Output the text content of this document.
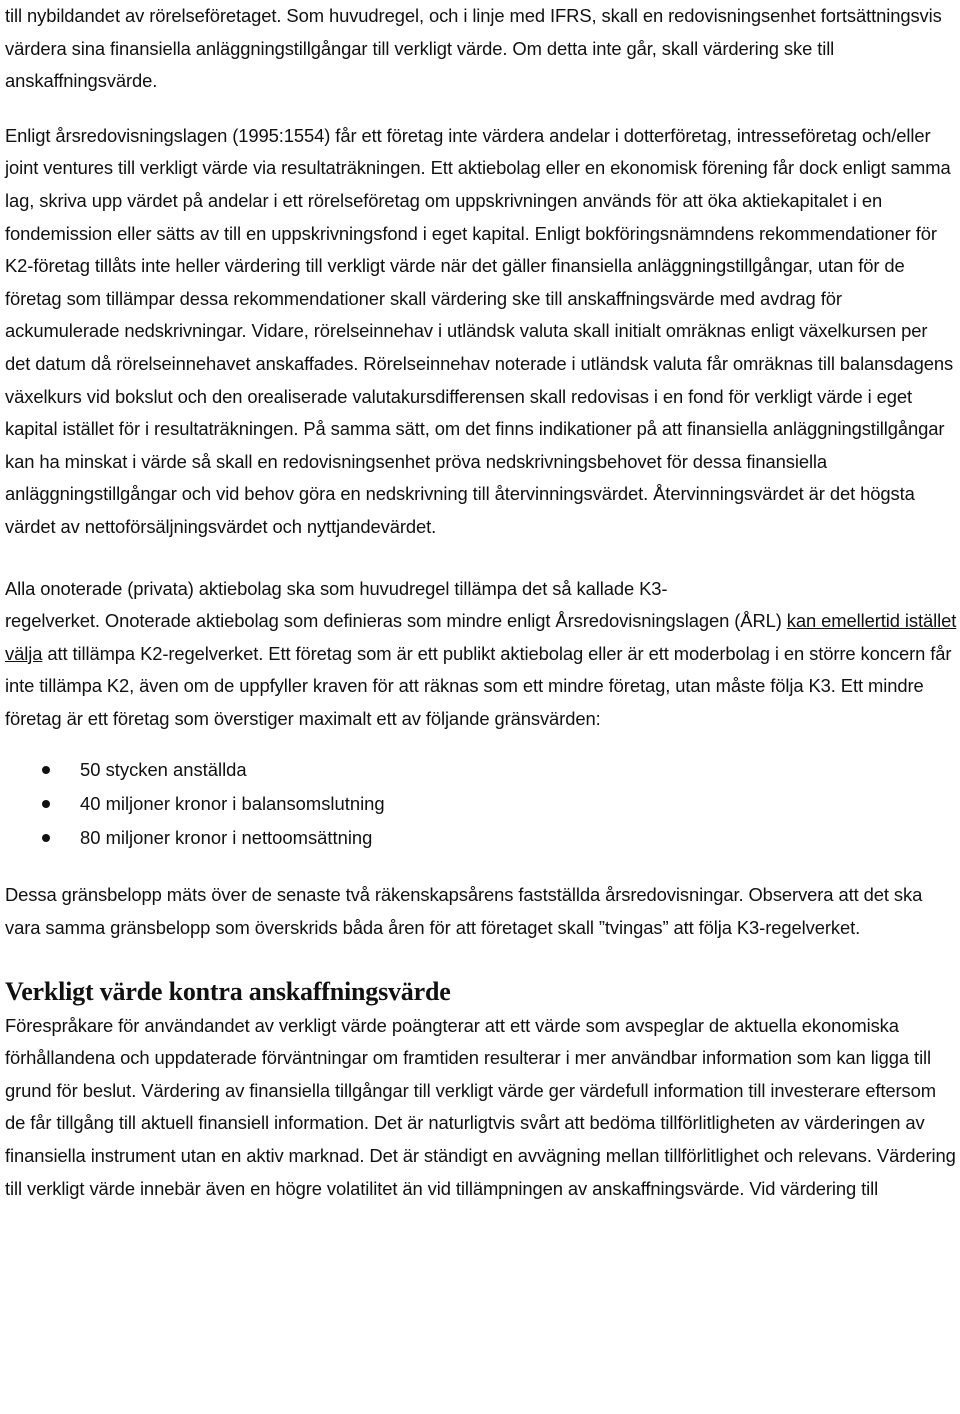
till nybildandet av rörelseföretaget. Som huvudregel, och i linje med IFRS, skall en redovisningsenhet fortsättningsvis värdera sina finansiella anläggningstillgångar till verkligt värde. Om detta inte går, skall värdering ske till anskaffningsvärde.

Enligt årsredovisningslagen (1995:1554) får ett företag inte värdera andelar i dotterföretag, intresseföretag och/eller joint ventures till verkligt värde via resultaträkningen. Ett aktiebolag eller en ekonomisk förening får dock enligt samma lag, skriva upp värdet på andelar i ett rörelseföretag om uppskrivningen används för att öka aktiekapitalet i en fondemission eller sätts av till en uppskrivningsfond i eget kapital. Enligt bokföringsnämndens rekommendationer för K2-företag tillåts inte heller värdering till verkligt värde när det gäller finansiella anläggningstillgångar, utan för de företag som tillämpar dessa rekommendationer skall värdering ske till anskaffningsvärde med avdrag för ackumulerade nedskrivningar. Vidare, rörelseinnehav i utländsk valuta skall initialt omräknas enligt växelkursen per det datum då rörelseinnehavet anskaffades. Rörelseinnehav noterade i utländsk valuta får omräknas till balansdagens växelkurs vid bokslut och den orealiserade valutakursdifferensen skall redovisas i en fond för verkligt värde i eget kapital istället för i resultaträkningen. På samma sätt, om det finns indikationer på att finansiella anläggningstillgångar kan ha minskat i värde så skall en redovisningsenhet pröva nedskrivningsbehovet för dessa finansiella anläggningstillgångar och vid behov göra en nedskrivning till återvinningsvärdet. Återvinningsvärdet är det högsta värdet av nettoförsäljningsvärdet och nyttjandevärdet.

Alla onoterade (privata) aktiebolag ska som huvudregel tillämpa det så kallade K3-
regelverket. Onoterade aktiebolag som definieras som mindre enligt Årsredovisningslagen (ÅRL) kan emellertid istället välja att tillämpa K2-regelverket. Ett företag som är ett publikt aktiebolag eller är ett moderbolag i en större koncern får inte tillämpa K2, även om de uppfyller kraven för att räknas som ett mindre företag, utan måste följa K3. Ett mindre företag är ett företag som överstiger maximalt ett av följande gränsvärden:

50 stycken anställda
40 miljoner kronor i balansomslutning
80 miljoner kronor i nettoomsättning

Dessa gränsbelopp mäts över de senaste två räkenskapsårens fastställda årsredovisningar. Observera att det ska vara samma gränsbelopp som överskrids båda åren för att företaget skall ”tvingas” att följa K3-regelverket.

Verkligt värde kontra anskaffningsvärde

Förespråkare för användandet av verkligt värde poängterar att ett värde som avspeglar de aktuella ekonomiska förhållandena och uppdaterade förväntningar om framtiden resulterar i mer användbar information som kan ligga till grund för beslut. Värdering av finansiella tillgångar till verkligt värde ger värdefull information till investerare eftersom de får tillgång till aktuell finansiell information. Det är naturligtvis svårt att bedöma tillförlitligheten av värderingen av finansiella instrument utan en aktiv marknad. Det är ständigt en avvägning mellan tillförlitlighet och relevans. Värdering till verkligt värde innebär även en högre volatilitet än vid tillämpningen av anskaffningsvärde. Vid värdering till
